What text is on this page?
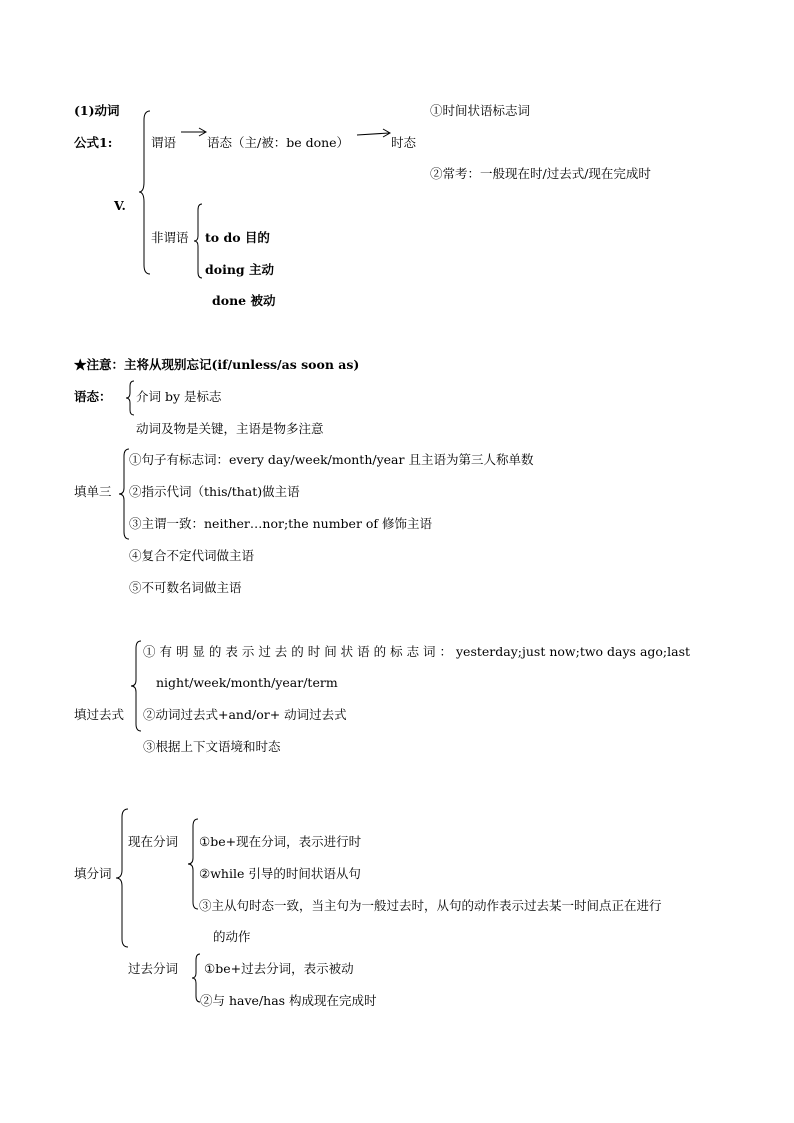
(1)动词
公式1:
V.
谓语 语态（主/被：be done）	时态
①时间状语标志词
②常考：一般现在时/过去式/现在完成时
非谓语 to do 目的
doing 主动
done 被动
★注意：主将从现别忘记(if/unless/as soon as)
语态： 介词 by 是标志
动词及物是关键，主语是物多注意
填单三
①句子有标志词：every day/week/month/year 且主语为第三人称单数
②指示代词（this/that)做主语
③主谓一致：neither…nor;the number of 修饰主语
④复合不定代词做主语
⑤不可数名词做主语
填过去式
① 有 明 显 的 表 示 过 去 的 时 间 状 语 的 标 志 词 ： yesterday;just now;two days ago;last
night/week/month/year/term
②动词过去式+and/or+ 动词过去式
③根据上下文语境和时态
填分词
现在分词 ①be+现在分词，表示进行时
②while 引导的时间状语从句
③主从句时态一致，当主句为一般过去时，从句的动作表示过去某一时间点正在进行
的动作
过去分词 ①be+过去分词，表示被动
②与 have/has 构成现在完成时
